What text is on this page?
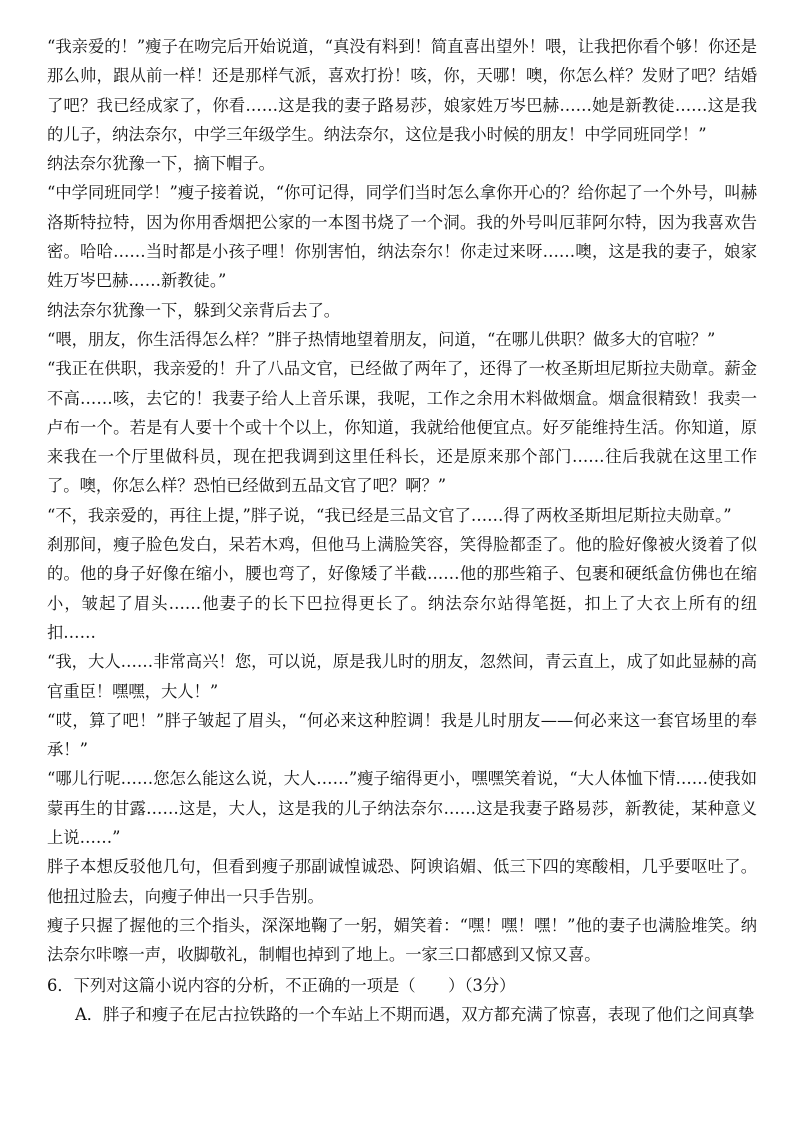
“我亲爱的！”瘦子在吻完后开始说道，“真没有料到！简直喜出望外！喂，让我把你看个够！你还是那么帅，跟从前一样！还是那样气派，喜欢打扮！咳，你，天哪！噢，你怎么样？发财了吧？结婚了吧？我已经成家了，你看……这是我的妻子路易莎，娘家姓万岑巴赫……她是新教徒……这是我的儿子，纳法奈尔，中学三年级学生。纳法奈尔，这位是我小时候的朋友！中学同班同学！”

纳法奈尔犹豫一下，摘下帽子。

“中学同班同学！”瘦子接着说，“你可记得，同学们当时怎么拿你开心的？给你起了一个外号，叫赫洛斯特拉特，因为你用香烟把公家的一本图书烧了一个洞。我的外号叫厄菲阿尔特，因为我喜欢告密。哈哈……当时都是小孩子哩！你别害怕，纳法奈尔！你走过来呀……噢，这是我的妻子，娘家姓万岑巴赫……新教徒。”

纳法奈尔犹豫一下，躲到父亲背后去了。

“喂，朋友，你生活得怎么样？”胖子热情地望着朋友，问道，“在哪儿供职？做多大的官啦？”

“我正在供职，我亲爱的！升了八品文官，已经做了两年了，还得了一枚圣斯坦尼斯拉夫勋章。薪金不高……咳，去它的！我妻子给人上音乐课，我呢，工作之余用木料做烟盒。烟盒很精致！我卖一卢布一个。若是有人要十个或十个以上，你知道，我就给他便宜点。好歹能维持生活。你知道，原来我在一个厅里做科员，现在把我调到这里任科长，还是原来那个部门……往后我就在这里工作了。噢，你怎么样？恐怕已经做到五品文官了吧？啊？”

“不，我亲爱的，再往上提，”胖子说，“我已经是三品文官了……得了两枚圣斯坦尼斯拉夫勋章。”

刹那间，瘦子脸色发白，呆若木鸡，但他马上满脸笑容，笑得脸都歪了。他的脸好像被火烫着了似的。他的身子好像在缩小，腰也弯了，好像矮了半截……他的那些箱子、包裹和硬纸盒仿佛也在缩小，皱起了眉头……他妻子的长下巴拉得更长了。纳法奈尔站得笔挺，扣上了大衣上所有的纽扣……

“我，大人……非常高兴！您，可以说，原是我儿时的朋友，忽然间，青云直上，成了如此显赫的高官重臣！嘿嘿，大人！”

“哎，算了吧！”胖子皱起了眉头，“何必来这种腔调！我是儿时朋友——何必来这一套官场里的奉承！”

“哪儿行呢……您怎么能这么说，大人……”瘦子缩得更小，嘿嘿笑着说，“大人体恤下情……使我如蒙再生的甘露……这是，大人，这是我的儿子纳法奈尔……这是我妻子路易莎，新教徒，某种意义上说……”

胖子本想反驳他几句，但看到瘦子那副诚惶诚恐、阿谀谄媚、低三下四的寒酸相，几乎要呕吐了。他扭过脸去，向瘦子伸出一只手告别。

瘦子只握了握他的三个指头，深深地鞠了一躬，媚笑着：“嘿！嘿！嘿！”他的妻子也满脸堆笑。纳法奈尔咔嚓一声，收脚敬礼，制帽也掉到了地上。一家三口都感到又惊又喜。

6．下列对这篇小说内容的分析，不正确的一项是（　　）（3分）

A．胖子和瘦子在尼古拉铁路的一个车站上不期而遇，双方都充满了惊喜，表现了他们之间真挚
